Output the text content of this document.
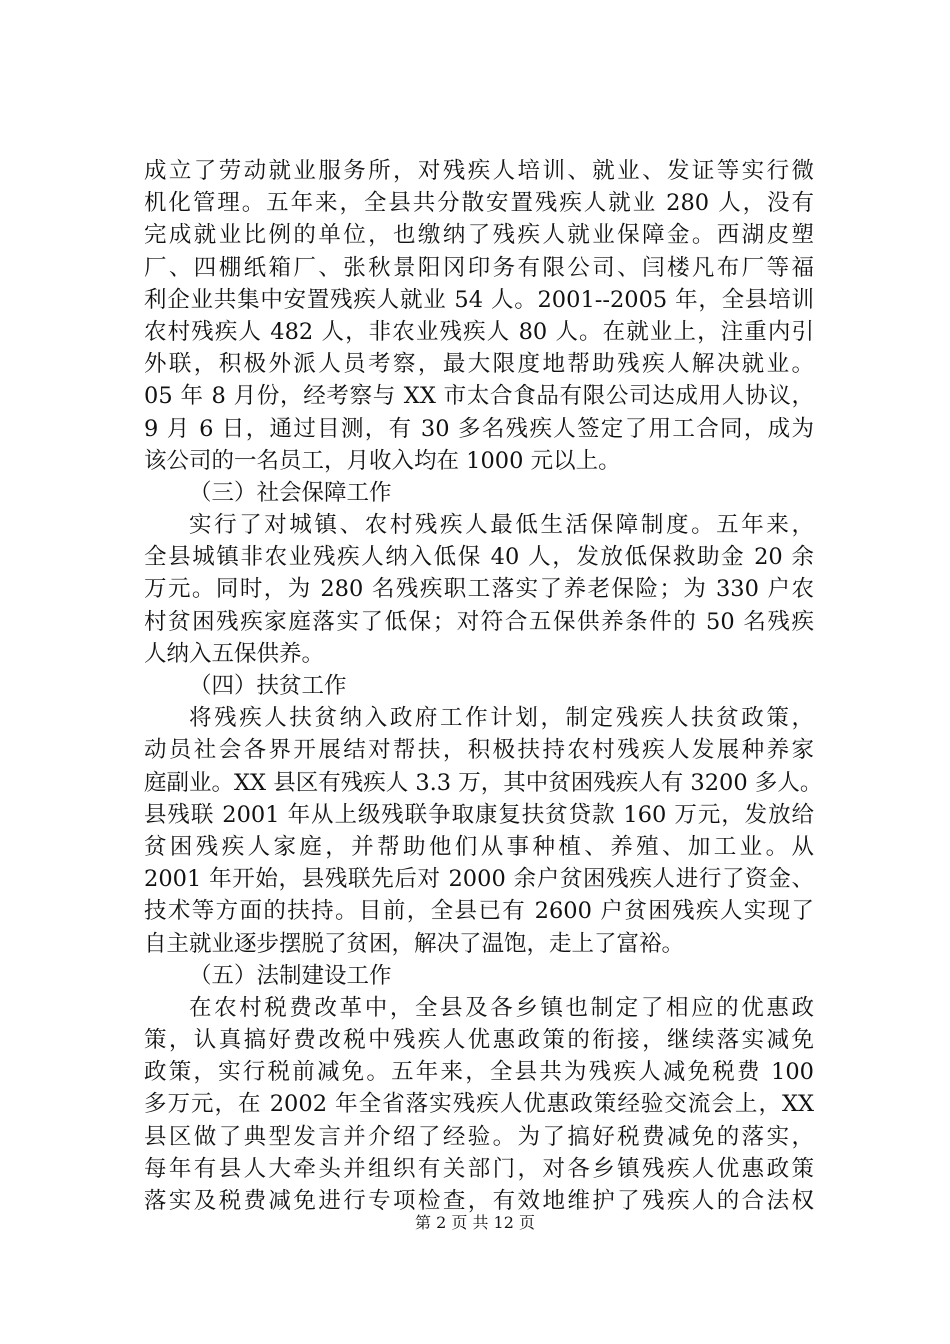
成立了劳动就业服务所，对残疾人培训、就业、发证等实行微
机化管理。五年来，全县共分散安置残疾人就业 280 人，没有
完成就业比例的单位，也缴纳了残疾人就业保障金。西湖皮塑
厂、四棚纸箱厂、张秋景阳冈印务有限公司、闫楼凡布厂等福
利企业共集中安置残疾人就业 54 人。2001--2005 年，全县培训
农村残疾人 482 人，非农业残疾人 80 人。在就业上，注重内引
外联，积极外派人员考察，最大限度地帮助残疾人解决就业。
05 年 8 月份，经考察与 XX 市太合食品有限公司达成用人协议，
9 月 6 日，通过目测，有 30 多名残疾人签定了用工合同，成为
该公司的一名员工，月收入均在 1000 元以上。
（三）社会保障工作
实行了对城镇、农村残疾人最低生活保障制度。五年来，
全县城镇非农业残疾人纳入低保 40 人，发放低保救助金 20 余
万元。同时，为 280 名残疾职工落实了养老保险；为 330 户农
村贫困残疾家庭落实了低保；对符合五保供养条件的 50 名残疾
人纳入五保供养。
（四）扶贫工作
将残疾人扶贫纳入政府工作计划，制定残疾人扶贫政策，
动员社会各界开展结对帮扶，积极扶持农村残疾人发展种养家
庭副业。XX 县区有残疾人 3.3 万，其中贫困残疾人有 3200 多人。
县残联 2001 年从上级残联争取康复扶贫贷款 160 万元，发放给
贫困残疾人家庭，并帮助他们从事种植、养殖、加工业。从
2001 年开始，县残联先后对 2000 余户贫困残疾人进行了资金、
技术等方面的扶持。目前，全县已有 2600 户贫困残疾人实现了
自主就业逐步摆脱了贫困，解决了温饱，走上了富裕。
（五）法制建设工作
在农村税费改革中，全县及各乡镇也制定了相应的优惠政
策，认真搞好费改税中残疾人优惠政策的衔接，继续落实减免
政策，实行税前减免。五年来，全县共为残疾人减免税费 100
多万元，在 2002 年全省落实残疾人优惠政策经验交流会上，XX
县区做了典型发言并介绍了经验。为了搞好税费减免的落实，
每年有县人大牵头并组织有关部门，对各乡镇残疾人优惠政策
落实及税费减免进行专项检查，有效地维护了残疾人的合法权
第 2 页 共 12 页
